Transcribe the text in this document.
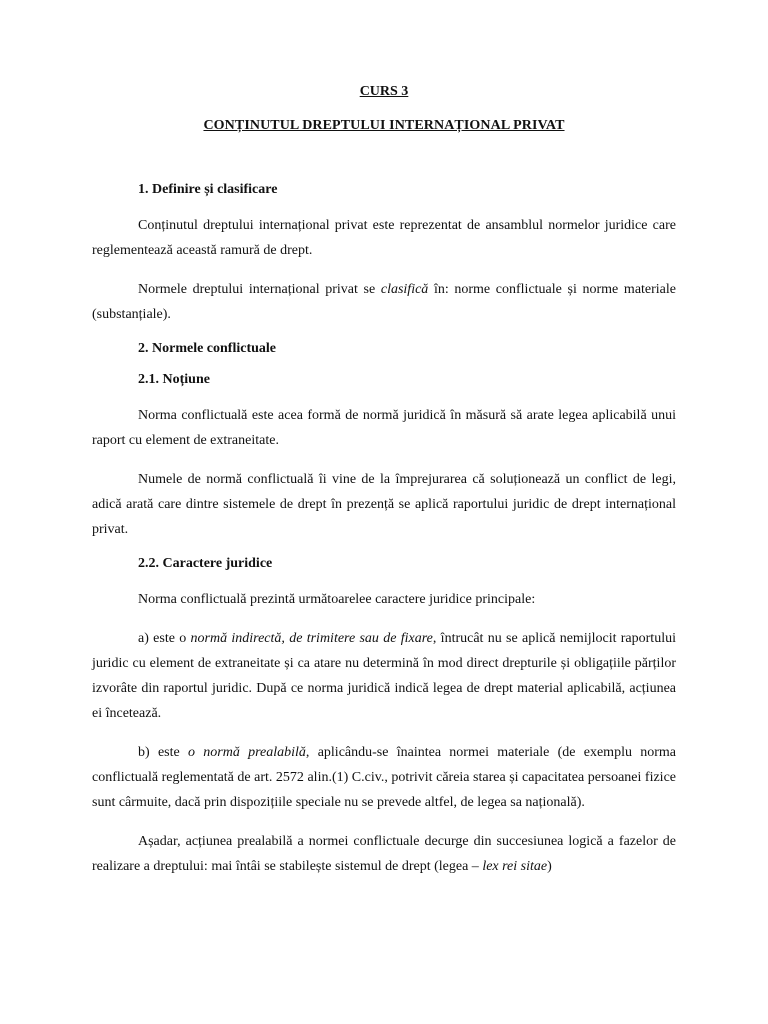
CURS 3
CONȚINUTUL DREPTULUI INTERNAȚIONAL PRIVAT
1. Definire și clasificare

Conținutul dreptului internațional privat este reprezentat de ansamblul normelor juridice care reglementează această ramură de drept.

Normele dreptului internațional privat se clasifică în: norme conflictuale și norme materiale (substanțiale).

2. Normele conflictuale
2.1. Noțiune

Norma conflictuală este acea formă de normă juridică în măsură să arate legea aplicabilă unui raport cu element de extraneitate.

Numele de normă conflictuală îi vine de la împrejurarea că soluționează un conflict de legi, adică arată care dintre sistemele de drept în prezență se aplică raportului juridic de drept internațional privat.

2.2. Caractere juridice

Norma conflictuală prezintă următoarelee caractere juridice principale:

a) este o normă indirectă, de trimitere sau de fixare, întrucât nu se aplică nemijlocit raportului juridic cu element de extraneitate și ca atare nu determină în mod direct drepturile și obligațiile părților izvorâte din raportul juridic. După ce norma juridică indică legea de drept material aplicabilă, acțiunea ei încetează.

b) este o normă prealabilă, aplicându-se înaintea normei materiale (de exemplu norma conflictuală reglementată de art. 2572 alin.(1) C.civ., potrivit căreia starea și capacitatea persoanei fizice sunt cârmuite, dacă prin dispozițiile speciale nu se prevede altfel, de legea sa națională).

Așadar, acțiunea prealabilă a normei conflictuale decurge din succesiunea logică a fazelor de realizare a dreptului: mai întâi se stabilește sistemul de drept (legea – lex rei sitae)
